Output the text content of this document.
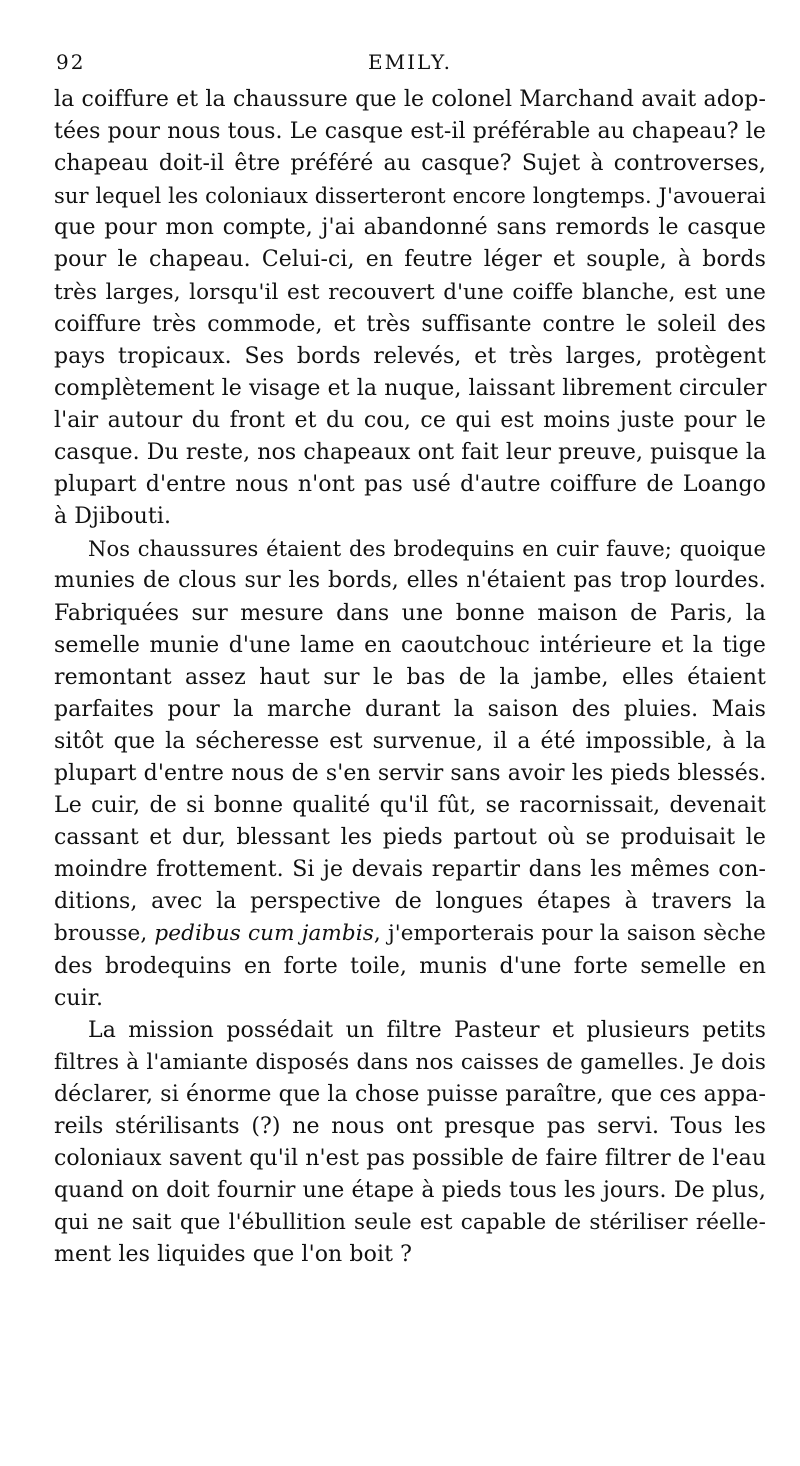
92	EMILY.

la coiffure et la chaussure que le colonel Marchand avait adop-
tées pour nous tous. Le casque est-il préférable au chapeau? le
chapeau doit-il être préféré au casque? Sujet à controverses,
sur lequel les coloniaux disserteront encore longtemps. J'avouerai
que pour mon compte, j'ai abandonné sans remords le casque
pour le chapeau. Celui-ci, en feutre léger et souple, à bords
très larges, lorsqu'il est recouvert d'une coiffe blanche, est une
coiffure très commode, et très suffisante contre le soleil des
pays tropicaux. Ses bords relevés, et très larges, protègent
complètement le visage et la nuque, laissant librement circuler
l'air autour du front et du cou, ce qui est moins juste pour le
casque. Du reste, nos chapeaux ont fait leur preuve, puisque la
plupart d'entre nous n'ont pas usé d'autre coiffure de Loango
à Djibouti.

Nos chaussures étaient des brodequins en cuir fauve; quoique
munies de clous sur les bords, elles n'étaient pas trop lourdes.
Fabriquées sur mesure dans une bonne maison de Paris, la
semelle munie d'une lame en caoutchouc intérieure et la tige
remontant assez haut sur le bas de la jambe, elles étaient
parfaites pour la marche durant la saison des pluies. Mais
sitôt que la sécheresse est survenue, il a été impossible, à la
plupart d'entre nous de s'en servir sans avoir les pieds blessés.
Le cuir, de si bonne qualité qu'il fût, se racornissait, devenait
cassant et dur, blessant les pieds partout où se produisait le
moindre frottement. Si je devais repartir dans les mêmes con-
ditions, avec la perspective de longues étapes à travers la
brousse, pedibus cum jambis, j'emporterais pour la saison sèche
des brodequins en forte toile, munis d'une forte semelle en
cuir.

La mission possédait un filtre Pasteur et plusieurs petits
filtres à l'amiante disposés dans nos caisses de gamelles. Je dois
déclarer, si énorme que la chose puisse paraître, que ces appa-
reils stérilisants (?) ne nous ont presque pas servi. Tous les
coloniaux savent qu'il n'est pas possible de faire filtrer de l'eau
quand on doit fournir une étape à pieds tous les jours. De plus,
qui ne sait que l'ébullition seule est capable de stériliser réelle-
ment les liquides que l'on boit ?
